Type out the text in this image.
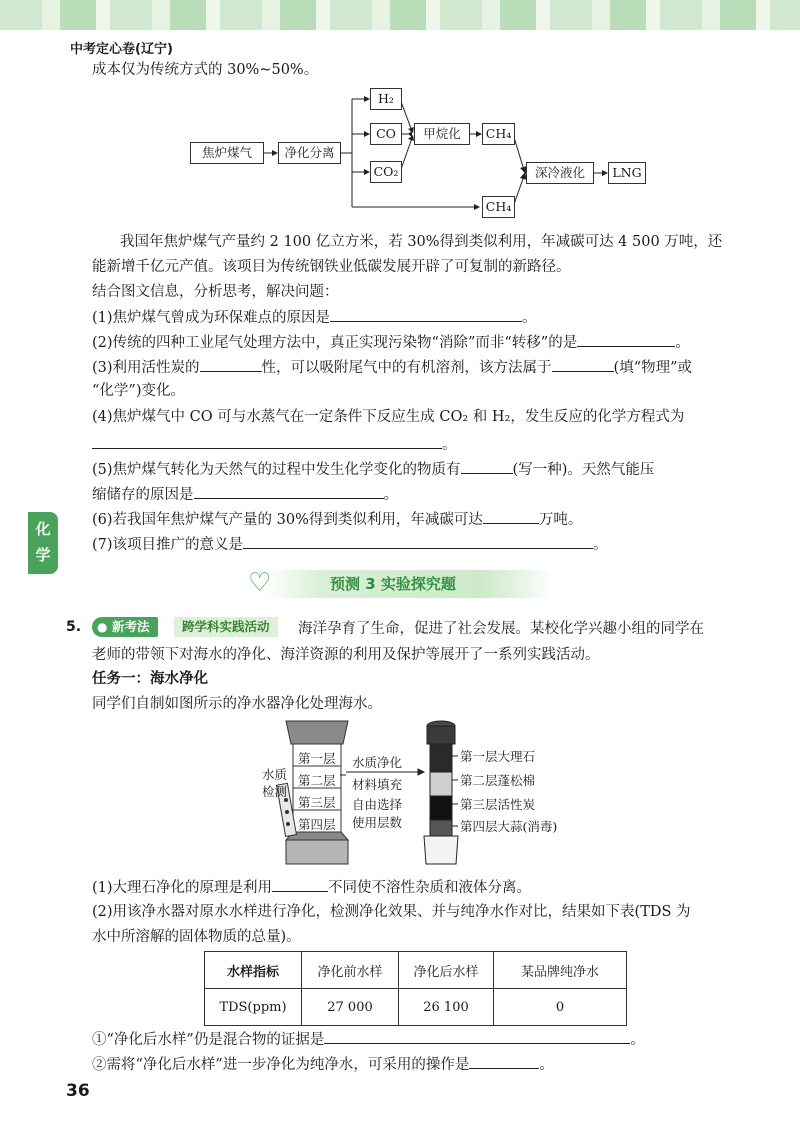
中考定心卷(辽宁)
成本仅为传统方式的 30%~50%。
焦炉煤气	净化分离
H₂
CO
CO₂
甲烷化	CH₄
CH₄
深冷液化	LNG
我国年焦炉煤气产量约 2 100 亿立方米，若 30%得到类似利用，年减碳可达 4 500 万吨，还
能新增千亿元产值。该项目为传统钢铁业低碳发展开辟了可复制的新路径。
结合图文信息，分析思考，解决问题：
(1)焦炉煤气曾成为环保难点的原因是	。
(2)传统的四种工业尾气处理方法中，真正实现污染物“消除”而非“转移”的是	。
(3)利用活性炭的	性，可以吸附尾气中的有机溶剂，该方法属于	(填“物理”或
“化学”)变化。
(4)焦炉煤气中 CO 可与水蒸气在一定条件下反应生成 CO₂ 和 H₂，发生反应的化学方程式为
。
(5)焦炉煤气转化为天然气的过程中发生化学变化的物质有	(写一种)。天然气能压
缩储存的原因是	。
(6)若我国年焦炉煤气产量的 30%得到类似利用，年减碳可达	万吨。
(7)该项目推广的意义是	。
化
学
♡	预测 3 实验探究题
5. ● 新考法	跨学科实践活动	海洋孕育了生命，促进了社会发展。某校化学兴趣小组的同学在
老师的带领下对海水的净化、海洋资源的利用及保护等展开了一系列实践活动。
任务一：海水净化
同学们自制如图所示的净水器净化处理海水。
第一层
第二层
第三层
第四层
水质
检测
水质净化
材料填充
自由选择
使用层数
第一层大理石
第二层蓬松棉
第三层活性炭
第四层大蒜(消毒)
(1)大理石净化的原理是利用	不同使不溶性杂质和液体分离。
(2)用该净水器对原水水样进行净化，检测净化效果、并与纯净水作对比，结果如下表(TDS 为
水中所溶解的固体物质的总量)。
水样指标	净化前水样	净化后水样	某品牌纯净水
TDS(ppm)	27 000	26 100	0
①“净化后水样”仍是混合物的证据是	。
②需将“净化后水样”进一步净化为纯净水，可采用的操作是	。
36
